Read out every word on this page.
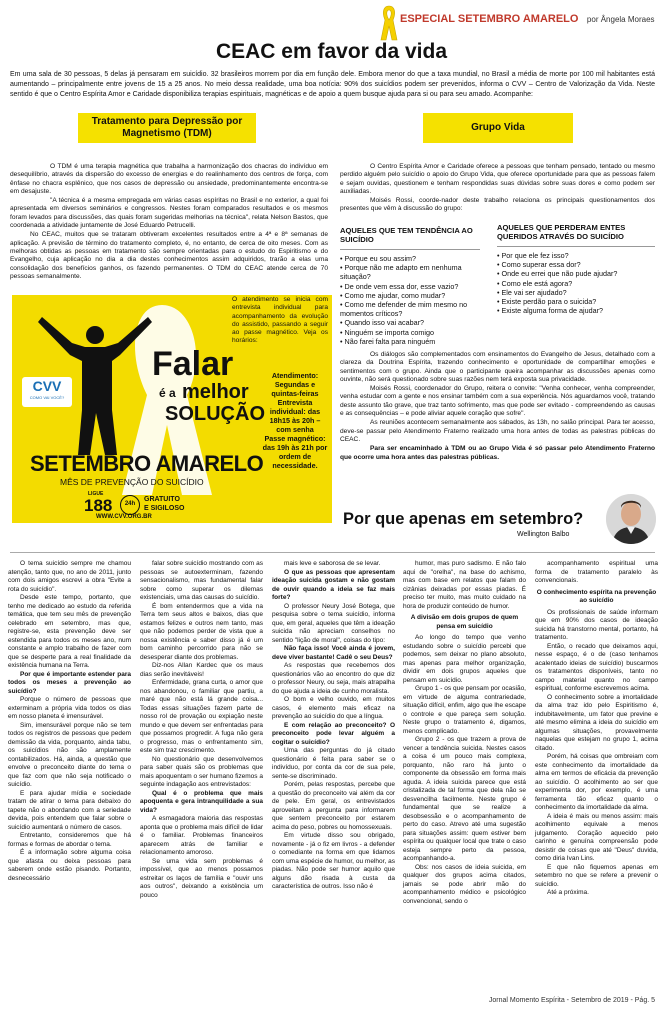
ESPECIAL SETEMBRO AMARELO por Ângela Moraes
CEAC em favor da vida
Em uma sala de 30 pessoas, 5 delas já pensaram em suicídio. 32 brasileiros morrem por dia em função dele. Embora menor do que a taxa mundial, no Brasil a média de morte por 100 mil habitantes está aumentando – principalmente entre jovens de 15 a 25 anos. No meio dessa realidade, uma boa notícia: 90% dos suicídios podem ser prevenidos, informa o CVV – Centro de Valorização da Vida. Neste sentido é que o Centro Espírita Amor e Caridade disponibiliza terapias espirituais, magnéticas e de apoio a quem busque ajuda para si ou para seu amado. Acompanhe:
Tratamento para Depressão por Magnetismo (TDM)
Grupo Vida

O TDM é uma terapia magnética que trabalha a harmonização dos chacras do indivíduo em desequilíbrio, através da dispersão do excesso de energias e do realinhamento dos centros de força, com ênfase no chacra esplênico, que nos casos de depressão ou ansiedade, predominantemente encontra-se em desajuste.

"A técnica é a mesma empregada em várias casas espíritas no Brasil e no exterior, a qual foi apresentada em diversos seminários e congressos. Nestes foram comparados resultados e os mesmos foram levados para discussões, das quais foram sugeridas melhorias na técnica", relata Nelson Bastos, que coordenada a atividade juntamente de José Eduardo Petrucelli.

No CEAC, muitos que se trataram obtiveram excelentes resultados entre a 4ª e 8ª semanas de aplicação. A previsão de término do tratamento completo, é, no entanto, de cerca de oito meses. Com as melhoras obtidas as pessoas em tratamento são sempre orientadas para o estudo do Espiritismo e do Evangelho, cuja aplicação no dia a dia destes conhecimentos assim adquiridos, trarão a elas uma consolidação dos benefícios ganhos, os fazendo permanentes. O TDM do CEAC atende cerca de 70 pessoas semanalmente.

CVV
COMO VAI VOCÊ?
Falar
é a melhor
SOLUÇÃO
SETEMBRO AMARELO
MÊS DE PREVENÇÃO DO SUICÍDIO
LIGUE
188	24h
GRATUITO
E SIGILOSO
WWW.CVV.ORG.BR
O atendimento se inicia com entrevista individual para acompanhamento da evolução do assistido, passando a seguir ao passe magnético. Veja os horários:
Atendimento:
Segundas e quintas-feiras
Entrevista individual: das 18h15 às 20h – com senha
Passe magnético: das 19h às 21h por ordem de necessidade.

O Centro Espírita Amor e Caridade oferece a pessoas que tenham pensado, tentado ou mesmo perdido alguém pelo suicídio o apoio do Grupo Vida, que oferece oportunidade para que as pessoas falem e sejam ouvidas, questionem e tenham respondidas suas dúvidas sobre suas dores e como podem ser auxiliadas.

Moisés Rossi, coorde-nador deste trabalho relaciona os principais questionamentos dos presentes que vêm à discussão do grupo:

AQUELES QUE TEM TENDÊNCIA AO SUICÍDIO
• Porque eu sou assim?
• Porque não me adapto em nenhuma situação?
• De onde vem essa dor, esse vazio?
• Como me ajudar, como mudar?
• Como me defender de mim mesmo no momentos críticos?
• Quando isso vai acabar?
• Ninguém se importa comigo
• Não farei falta para ninguém
AQUELES QUE PERDERAM ENTES QUERIDOS ATRAVÉS DO SUICÍDIO
• Por que ele fez isso?
• Como superar essa dor?
• Onde eu errei que não pude ajudar?
• Como ele está agora?
• Ele vai ser ajudado?
• Existe perdão para o suicida?
• Existe alguma forma de ajudar?

Os diálogos são complementados com ensinamentos do Evangelho de Jesus, detalhado com a clareza da Doutrina Espírita, trazendo conhecimento e oportunidade de compartilhar emoções e sentimentos com o grupo. Ainda que o participante queira acompanhar as discussões apenas como ouvinte, não será questionado sobre suas razões nem terá exposta sua privacidade.

Moisés Rossi, coordenador do Grupo, reitera o convite: "Venha conhecer, venha compreender, venha estudar com a gente e nos ensinar também com a sua experiência. Nós aguardamos você, tratando deste assunto tão grave, que traz tanto sofrimento, mas que pode ser evitado - compreendendo as causas e as consequências – e pode aliviar aquele coração que sofre".

As reuniões acontecem semanalmente aos sábados, às 13h, no salão principal. Para ter acesso, deve-se passar pelo Atendimento Fraterno realizado uma hora antes de todas as palestras públicas do CEAC.

Para ser encaminhado à TDM ou ao Grupo Vida é só passar pelo Atendimento Fraterno que ocorre uma hora antes das palestras públicas.

Por que apenas em setembro?
Wellington Balbo

O tema suicídio sempre me chamou atenção, tanto que, no ano de 2011, junto com dois amigos escrevi a obra "Evite a rota do suicídio".

Desde este tempo, portanto, que tenho me dedicado ao estudo da referida temática, que tem seu mês de prevenção celebrado em setembro, mas que, registre-se, esta prevenção deve ser estendida para todos os meses ano, num constante e amplo trabalho de fazer com que se desperte para a real finalidade da existência humana na Terra.

Por que é importante estender para todos os meses a prevenção ao suicídio?

Porque o número de pessoas que exterminam a própria vida todos os dias em nosso planeta é imensurável.

Sim, imensurável porque não se tem todos os registros de pessoas que pedem demissão da vida, porquanto, ainda tabu, os suicídios não são amplamente contabilizados. Há, ainda, a questão que envolve o preconceito diante do tema o que faz com que não seja notificado o suicídio.

E para ajudar mídia e sociedade tratam de atirar o tema para debaixo do tapete não o abordando com a seriedade devida, pois entendem que falar sobre o suicídio aumentará o número de casos.

Entretanto, consideremos que há formas e formas de abordar o tema.

É a informação sobre alguma coisa que afasta ou deixa pessoas para saberem onde estão pisando. Portanto, desnecessário

falar sobre suicídio mostrando com as pessoas se autoexterminam, fazendo sensacionalismo, mas fundamental falar sobre como superar os dilemas existenciais, uma das causas do suicídio.

É bom entendermos que a vida na Terra tem seus altos e baixos, dias que estamos felizes e outros nem tanto, mas que não podemos perder de vista que a nossa existência e saber disso já é um bom caminho percorrido para não se desesperar diante dos problemas.

Diz-nos Allan Kardec que os maus dias serão inevitáveis!

Enfermidade, grana curta, o amor que nos abandonou, o familiar que partiu, a maré que não está lá grande coisa... Todas essas situações fazem parte de nosso rol de provação ou expiação neste mundo e que devem ser enfrentadas para que possamos progredir. A fuga não gera o progresso, mas o enfrentamento sim, este sim traz crescimento.

No questionário que desenvolvemos para saber quais são os problemas que mais apoquentam o ser humano fizemos a seguinte indagação aos entrevistados:

Qual é o problema que mais apoquenta e gera intranquilidade a sua vida?

A esmagadora maioria das respostas aponta que o problema mais difícil de lidar é o familiar. Problemas financeiros aparecem atrás de familiar e relacionamento amoroso.

Se uma vida sem problemas é impossível, que ao menos possamos estreitar os laços de família e "ouvir uns aos outros", deixando a existência um pouco

mais leve e saborosa de se levar.

O que as pessoas que apresentam ideação suicida gostam e não gostam de ouvir quando a ideia se faz mais forte?

O professor Neury José Botega, que pesquisa sobre o tema suicídio, informa que, em geral, aqueles que têm a ideação suicida não apreciam conselhos no sentido "lição de moral", coisas do tipo:

Não faça isso! Você ainda é jovem, deve viver bastante! Cadê o seu Deus?

As respostas que recebemos dos questionários vão ao encontro do que diz o professor Neury, ou seja, mais atrapalha do que ajuda a ideia de cunho moralista.

O bom e velho ouvido, em muitos casos, é elemento mais eficaz na prevenção ao suicídio do que a língua.

E com relação ao preconceito? O preconceito pode levar alguém a cogitar o suicídio?

Uma das perguntas do já citado questionário é feita para saber se o indivíduo, por conta da cor de sua pele, sente-se discriminado.

Porém, pelas respostas, percebe que a questão do preconceito vai além da cor de pele. Em geral, os entrevistados aproveitam a pergunta para informarem que sentem preconceito por estarem acima do peso, pobres ou homossexuais.

Em virtude disso sou obrigado, novamente - já o fiz em livros - a defender o comediante na forma em que lidamos com uma espécie de humor, ou melhor, as piadas. Não pode ser humor aquilo que alguns dão risada à custa da característica de outros. Isso não é

humor, mas puro sadismo. E não falo aqui de "orelha", na base do achismo, mas com base em relatos que falam do cizânias deixadas por essas piadas. É preciso ter muito, mas muito cuidado na hora de produzir conteúdo de humor.

A divisão em dois grupos de quem pensa em suicídio

Ao longo do tempo que venho estudando sobre o suicídio percebi que podemos, sem deixar no plano absoluto, mas apenas para melhor organização, dividir em dois grupos aqueles que pensam em suicídio.

Grupo 1 - os que pensam por ocasião, em virtude de alguma contrariedade, situação difícil, enfim, algo que lhe escape o controle e que pareça sem solução. Neste grupo o tratamento é, digamos, menos complicado.

Grupo 2 - os que trazem a prova de vencer a tendência suicida. Nestes casos a coisa é um pouco mais complexa, porquanto, não raro há junto o componente da obsessão em forma mais aguda. A ideia suicida parece que está cristalizada de tal forma que dela não se desvencilha facilmente. Neste grupo é fundamental que se realize a desobsessão e o acompanhamento de perto do caso. Atrevo até uma sugestão para situações assim: quem estiver bem espírita ou qualquer local que trate o caso esteja sempre perto da pessoa, acompanhando-a.

Obs: nos casos de ideia suicida, em qualquer dos grupos acima citados, jamais se pode abrir mão do acompanhamento médico e psicológico convencional, sendo o

acompanhamento espiritual uma forma de tratamento paralelo às convencionais.

O conhecimento espírita na prevenção ao suicídio

Os profissionais de saúde informam que em 90% dos casos de ideação suicida há transtorno mental, portanto, há tratamento.

Então, o recado que deixamos aqui, nesse espaço, é o de (caso tenhamos acalentado ideias de suicídio) buscarmos os tratamentos disponíveis, tanto no campo material quanto no campo espiritual, conforme escrevemos acima.

O conhecimento sobre a imortalidade da alma traz ido pelo Espiritismo é, indubitavelmente, um fator que previne e até mesmo elimina a ideia do suicídio em algumas situações, provavelmente naquelas que estejam no grupo 1, acima citado.

Porém, há coisas que ombreiam com este conhecimento da imortalidade da alma em termos de eficácia da prevenção ao suicídio. O acolhimento ao ser que experimenta dor, por exemplo, é uma ferramenta tão eficaz quanto o conhecimento da imortalidade da alma.

A ideia é mais ou menos assim: mais acolhimento equivale a menos julgamento. Coração aquecido pelo carinho e genuína compreensão pode desistir de coisas que até "Deus" duvida, como diria Ivan Lins.

E que não fiquemos apenas em setembro no que se refere a prevenir o suicídio.

Até a próxima.

Jornal Momento Espírita - Setembro de 2019 - Pág. 5
